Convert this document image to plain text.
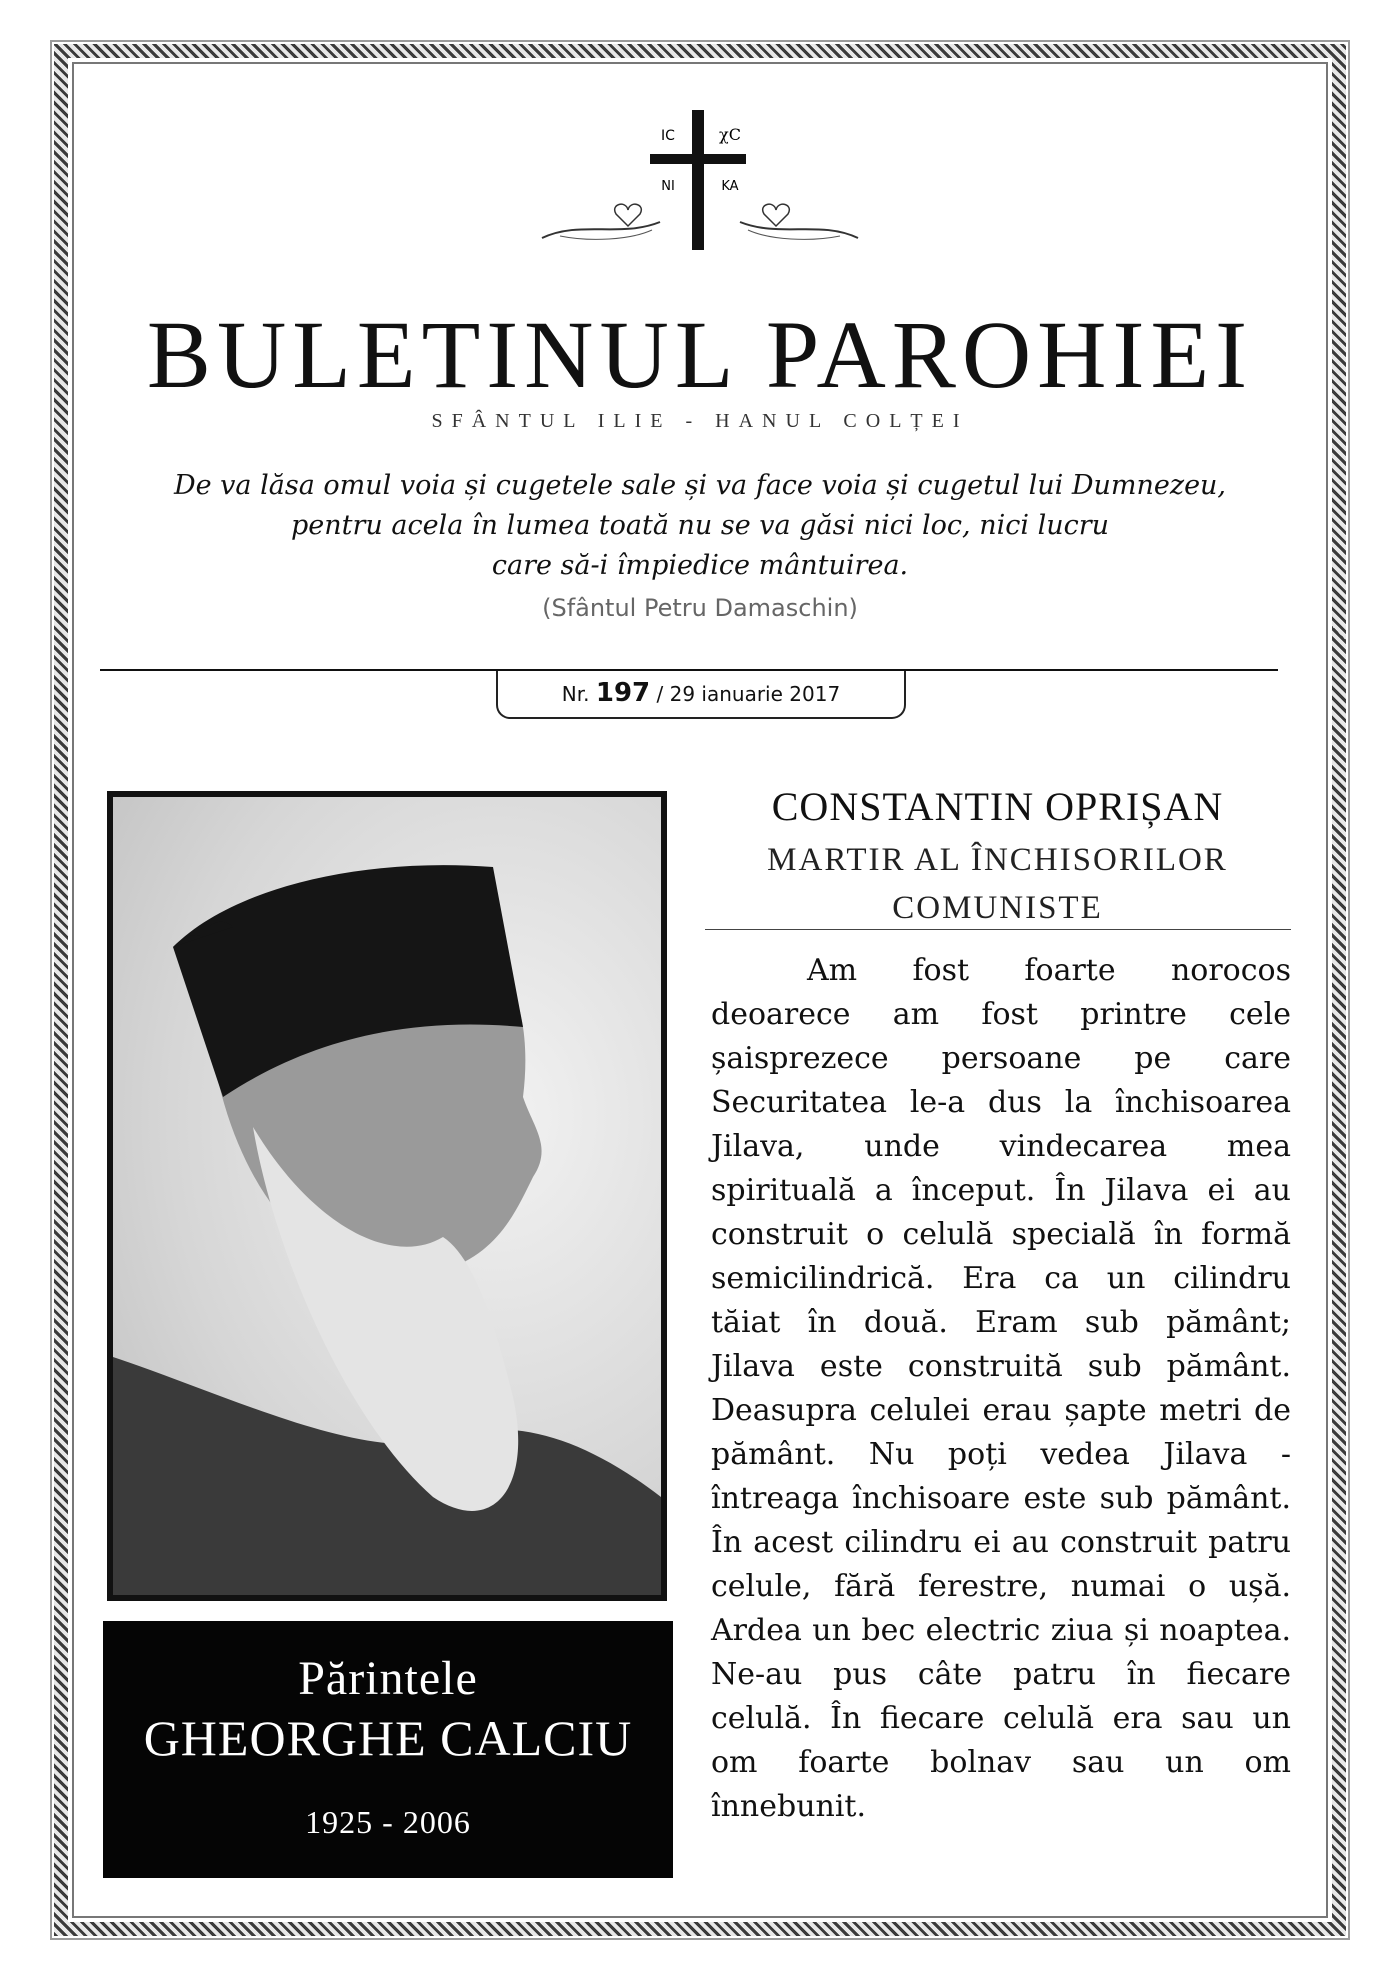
IC	χC
NI	KA
BULETINUL PAROHIEI
SFÂNTUL ILIE - HANUL COLȚEI
De va lăsa omul voia și cugetele sale și va face voia și cugetul lui Dumnezeu,
pentru acela în lumea toată nu se va găsi nici loc, nici lucru
care să-i împiedice mântuirea.
(Sfântul Petru Damaschin)
Nr. 197 / 29 ianuarie 2017
Părintele
GHEORGHE CALCIU
1925 - 2006
CONSTANTIN OPRIȘAN
MARTIR AL ÎNCHISORILOR
COMUNISTE
Am fost foarte norocos deoarece am fost printre cele șaisprezece persoane pe care Securitatea le-a dus la închisoarea Jilava, unde vindecarea mea spirituală a început. În Jilava ei au construit o celulă specială în formă semicilindrică. Era ca un cilindru tăiat în două. Eram sub pământ; Jilava este construită sub pământ. Deasupra celulei erau șapte metri de pământ. Nu poți vedea Jilava - întreaga închisoare este sub pământ. În acest cilindru ei au construit patru celule, fără ferestre, numai o ușă. Ardea un bec electric ziua și noaptea. Ne-au pus câte patru în fiecare celulă. În fiecare celulă era sau un om foarte bolnav sau un om înnebunit.
